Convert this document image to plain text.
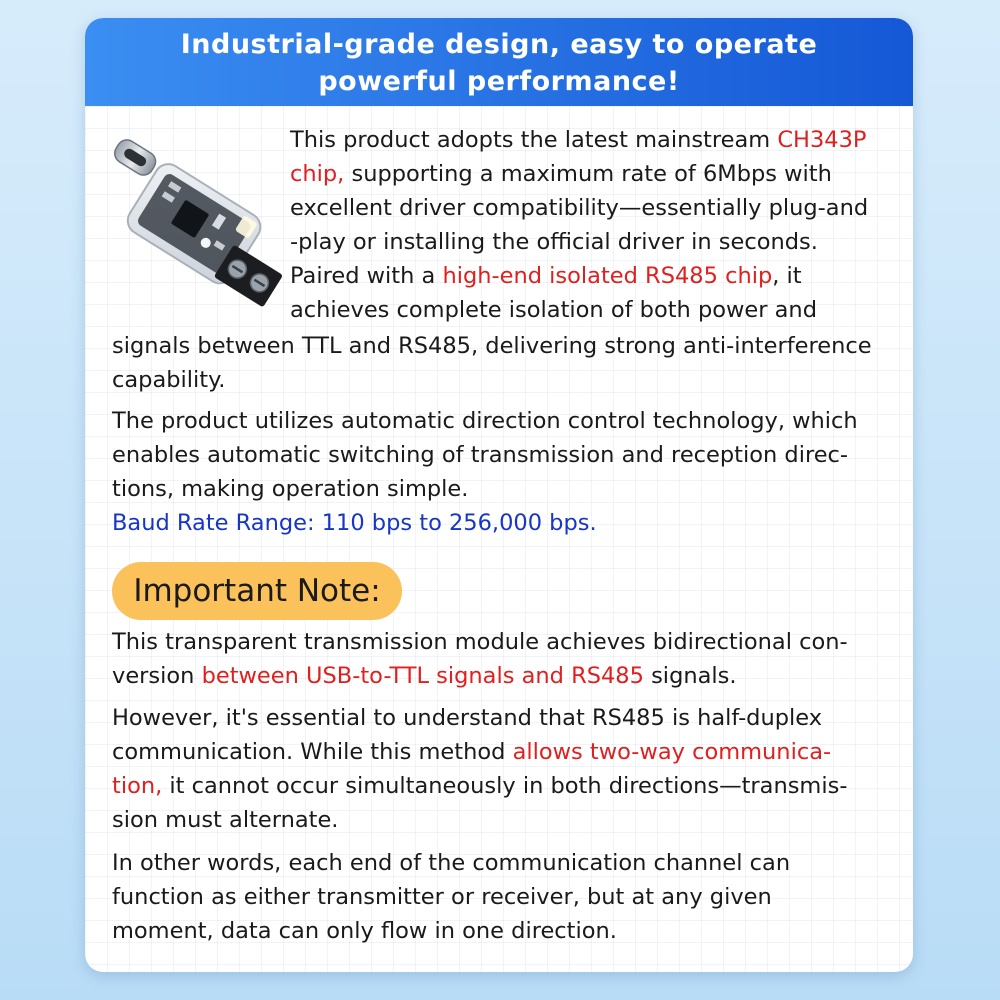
Industrial-grade design, easy to operate
powerful performance!
This product adopts the latest mainstream CH343P
chip, supporting a maximum rate of 6Mbps with
excellent driver compatibility—essentially plug-and
-play or installing the official driver in seconds.
Paired with a high-end isolated RS485 chip, it
achieves complete isolation of both power and
signals between TTL and RS485, delivering strong anti-interference
capability.
The product utilizes automatic direction control technology, which
enables automatic switching of transmission and reception direc-
tions, making operation simple.
Baud Rate Range: 110 bps to 256,000 bps.
Important Note:
This transparent transmission module achieves bidirectional con-
version between USB-to-TTL signals and RS485 signals.
However, it's essential to understand that RS485 is half-duplex
communication. While this method allows two-way communica-
tion, it cannot occur simultaneously in both directions—transmis-
sion must alternate.
In other words, each end of the communication channel can
function as either transmitter or receiver, but at any given
moment, data can only flow in one direction.
